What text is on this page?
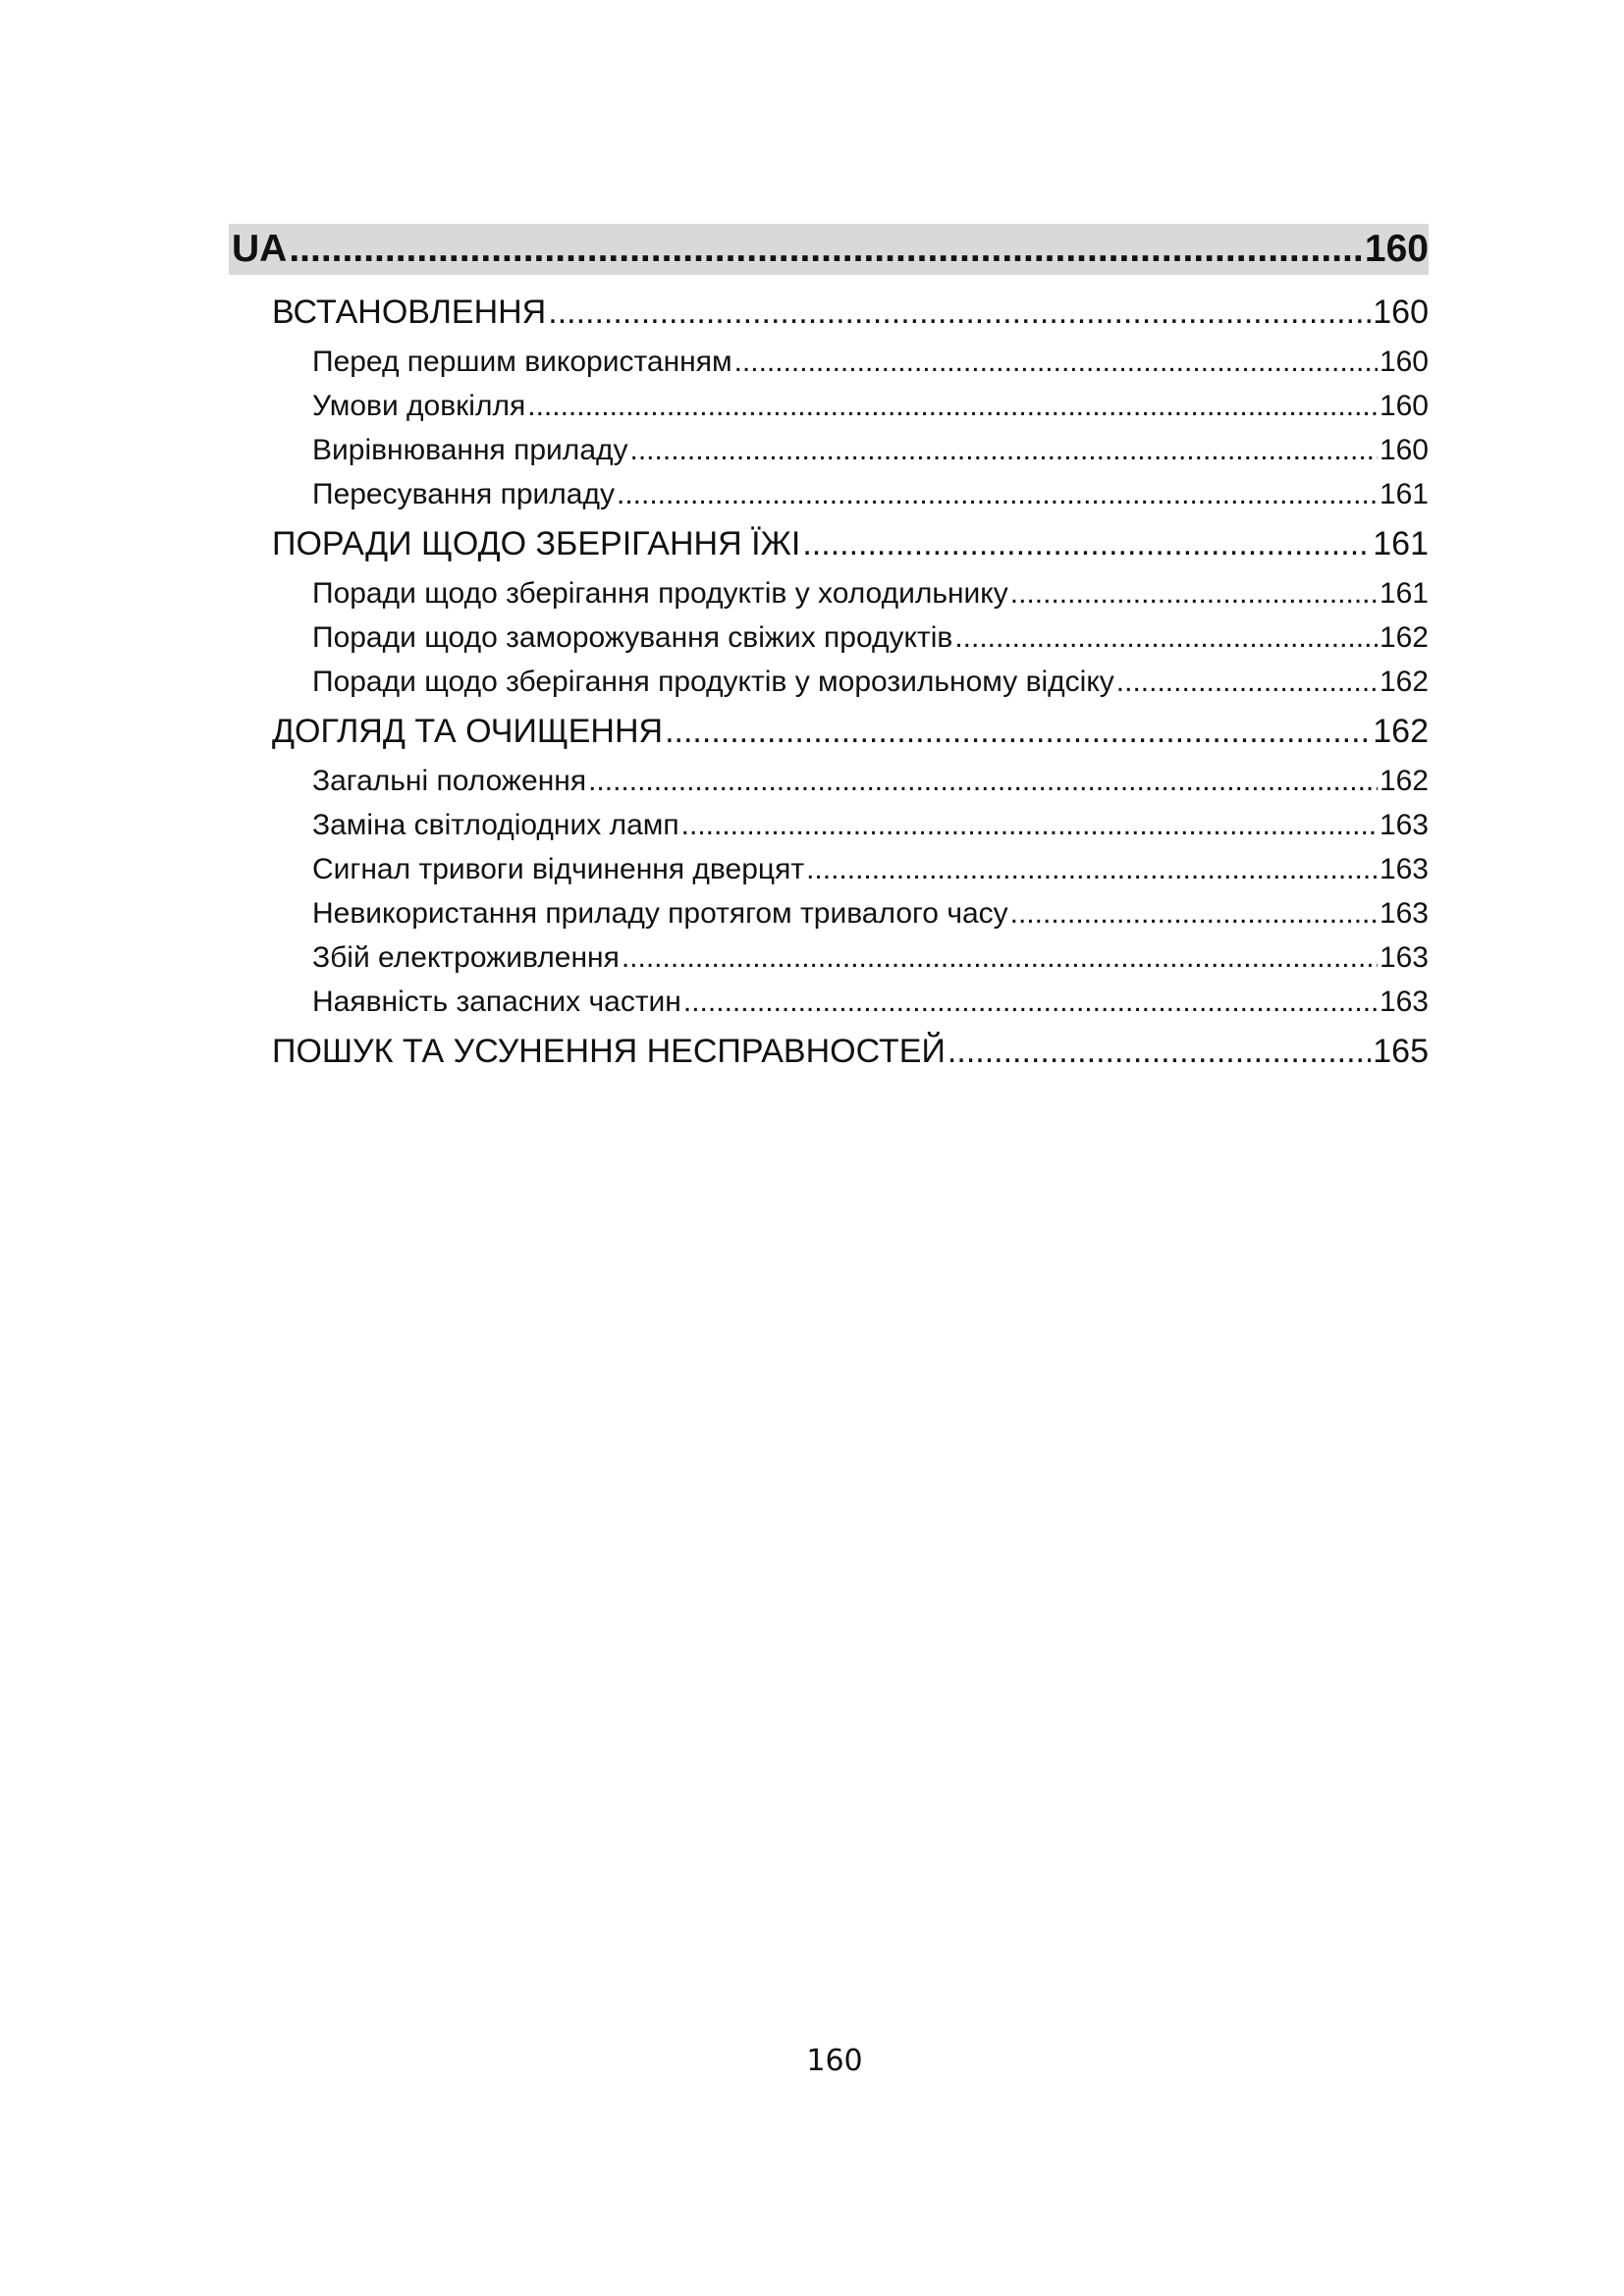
UA .....	160
ВСТАНОВЛЕННЯ .....	160
Перед першим використанням .....	160
Умови довкілля .....	160
Вирівнювання приладу .....	160
Пересування приладу .....	161
ПОРАДИ ЩОДО ЗБЕРІГАННЯ ЇЖІ .....	161
Поради щодо зберігання продуктів у холодильнику .....	161
Поради щодо заморожування свіжих продуктів .....	162
Поради щодо зберігання продуктів у морозильному відсіку .....	162
ДОГЛЯД ТА ОЧИЩЕННЯ .....	162
Загальні положення .....	162
Заміна світлодіодних ламп .....	163
Сигнал тривоги відчинення дверцят .....	163
Невикористання приладу протягом тривалого часу .....	163
Збій електроживлення .....	163
Наявність запасних частин .....	163
ПОШУК ТА УСУНЕННЯ НЕСПРАВНОСТЕЙ .....	165
160
